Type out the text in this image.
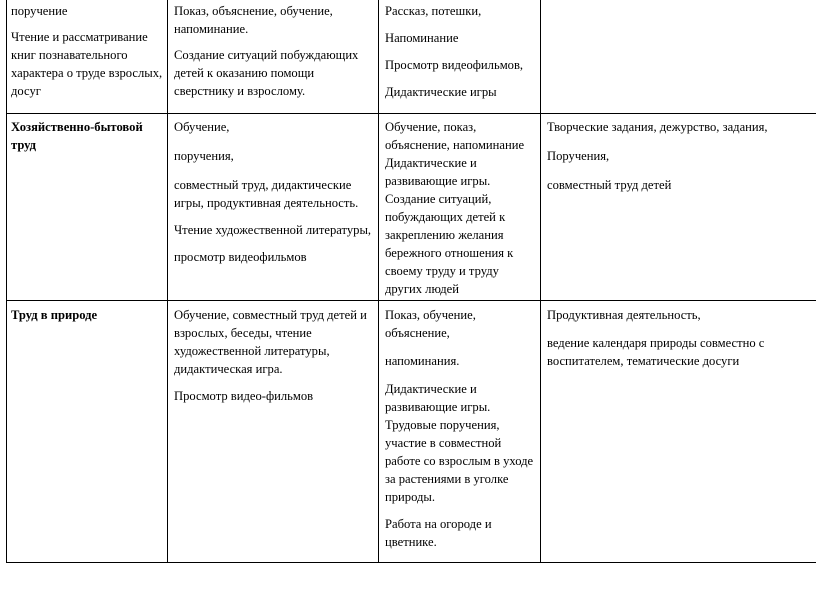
поручение

Чтение и рассматривание книг познавательного характера о труде взрослых, досуг

Показ, объяснение, обучение, напоминание.

Создание ситуаций побуждающих детей к оказанию помощи сверстнику и взрослому.

Рассказ, потешки,

Напоминание

Просмотр видеофильмов,

Дидактические игры

Хозяйственно-бытовой труд

Обучение,

поручения,

совместный труд, дидактические игры, продуктивная деятельность.

Чтение художественной литературы,

просмотр видеофильмов

Обучение, показ, объяснение, напоминание Дидактические и развивающие игры. Создание ситуаций, побуждающих детей к закреплению желания бережного отношения к своему труду и труду других людей

Творческие задания, дежурство, задания,

Поручения,

совместный труд детей

Труд в природе	Обучение, совместный труд детей и взрослых, беседы, чтение художественной литературы, дидактическая игра.

Просмотр видео-фильмов

Показ, обучение, объяснение,

напоминания.

Дидактические и развивающие игры. Трудовые поручения, участие в совместной работе со взрослым в уходе за растениями в уголке природы.

Работа на огороде и цветнике.

Продуктивная деятельность,

ведение календаря природы совместно с воспитателем, тематические досуги
